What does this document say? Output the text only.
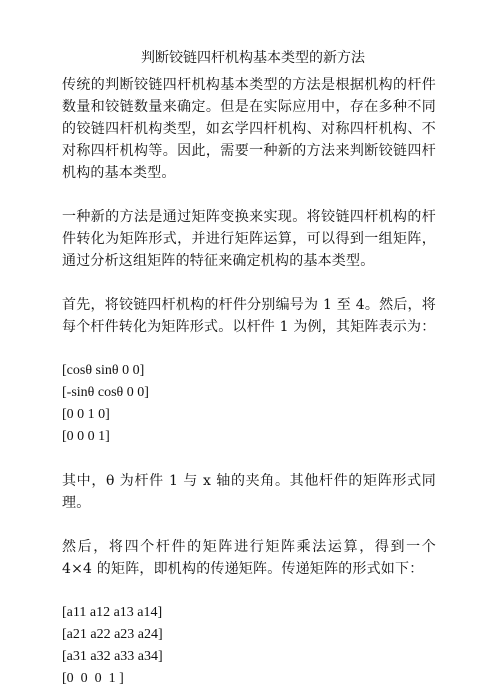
判断铰链四杆机构基本类型的新方法

传统的判断铰链四杆机构基本类型的方法是根据机构的杆件数量和铰链数量来确定。但是在实际应用中，存在多种不同的铰链四杆机构类型，如玄学四杆机构、对称四杆机构、不对称四杆机构等。因此，需要一种新的方法来判断铰链四杆机构的基本类型。

一种新的方法是通过矩阵变换来实现。将铰链四杆机构的杆件转化为矩阵形式，并进行矩阵运算，可以得到一组矩阵，通过分析这组矩阵的特征来确定机构的基本类型。

首先，将铰链四杆机构的杆件分别编号为 1 至 4。然后，将每个杆件转化为矩阵形式。以杆件 1 为例，其矩阵表示为：

[cosθ sinθ 0 0]
[-sinθ cosθ 0 0]
[0 0 1 0]
[0 0 0 1]

其中，θ 为杆件 1 与 x 轴的夹角。其他杆件的矩阵形式同理。

然后，将四个杆件的矩阵进行矩阵乘法运算，得到一个 4×4 的矩阵，即机构的传递矩阵。传递矩阵的形式如下：

[a11 a12 a13 a14]
[a21 a22 a23 a24]
[a31 a32 a33 a34]
[0  0  0  1 ]
